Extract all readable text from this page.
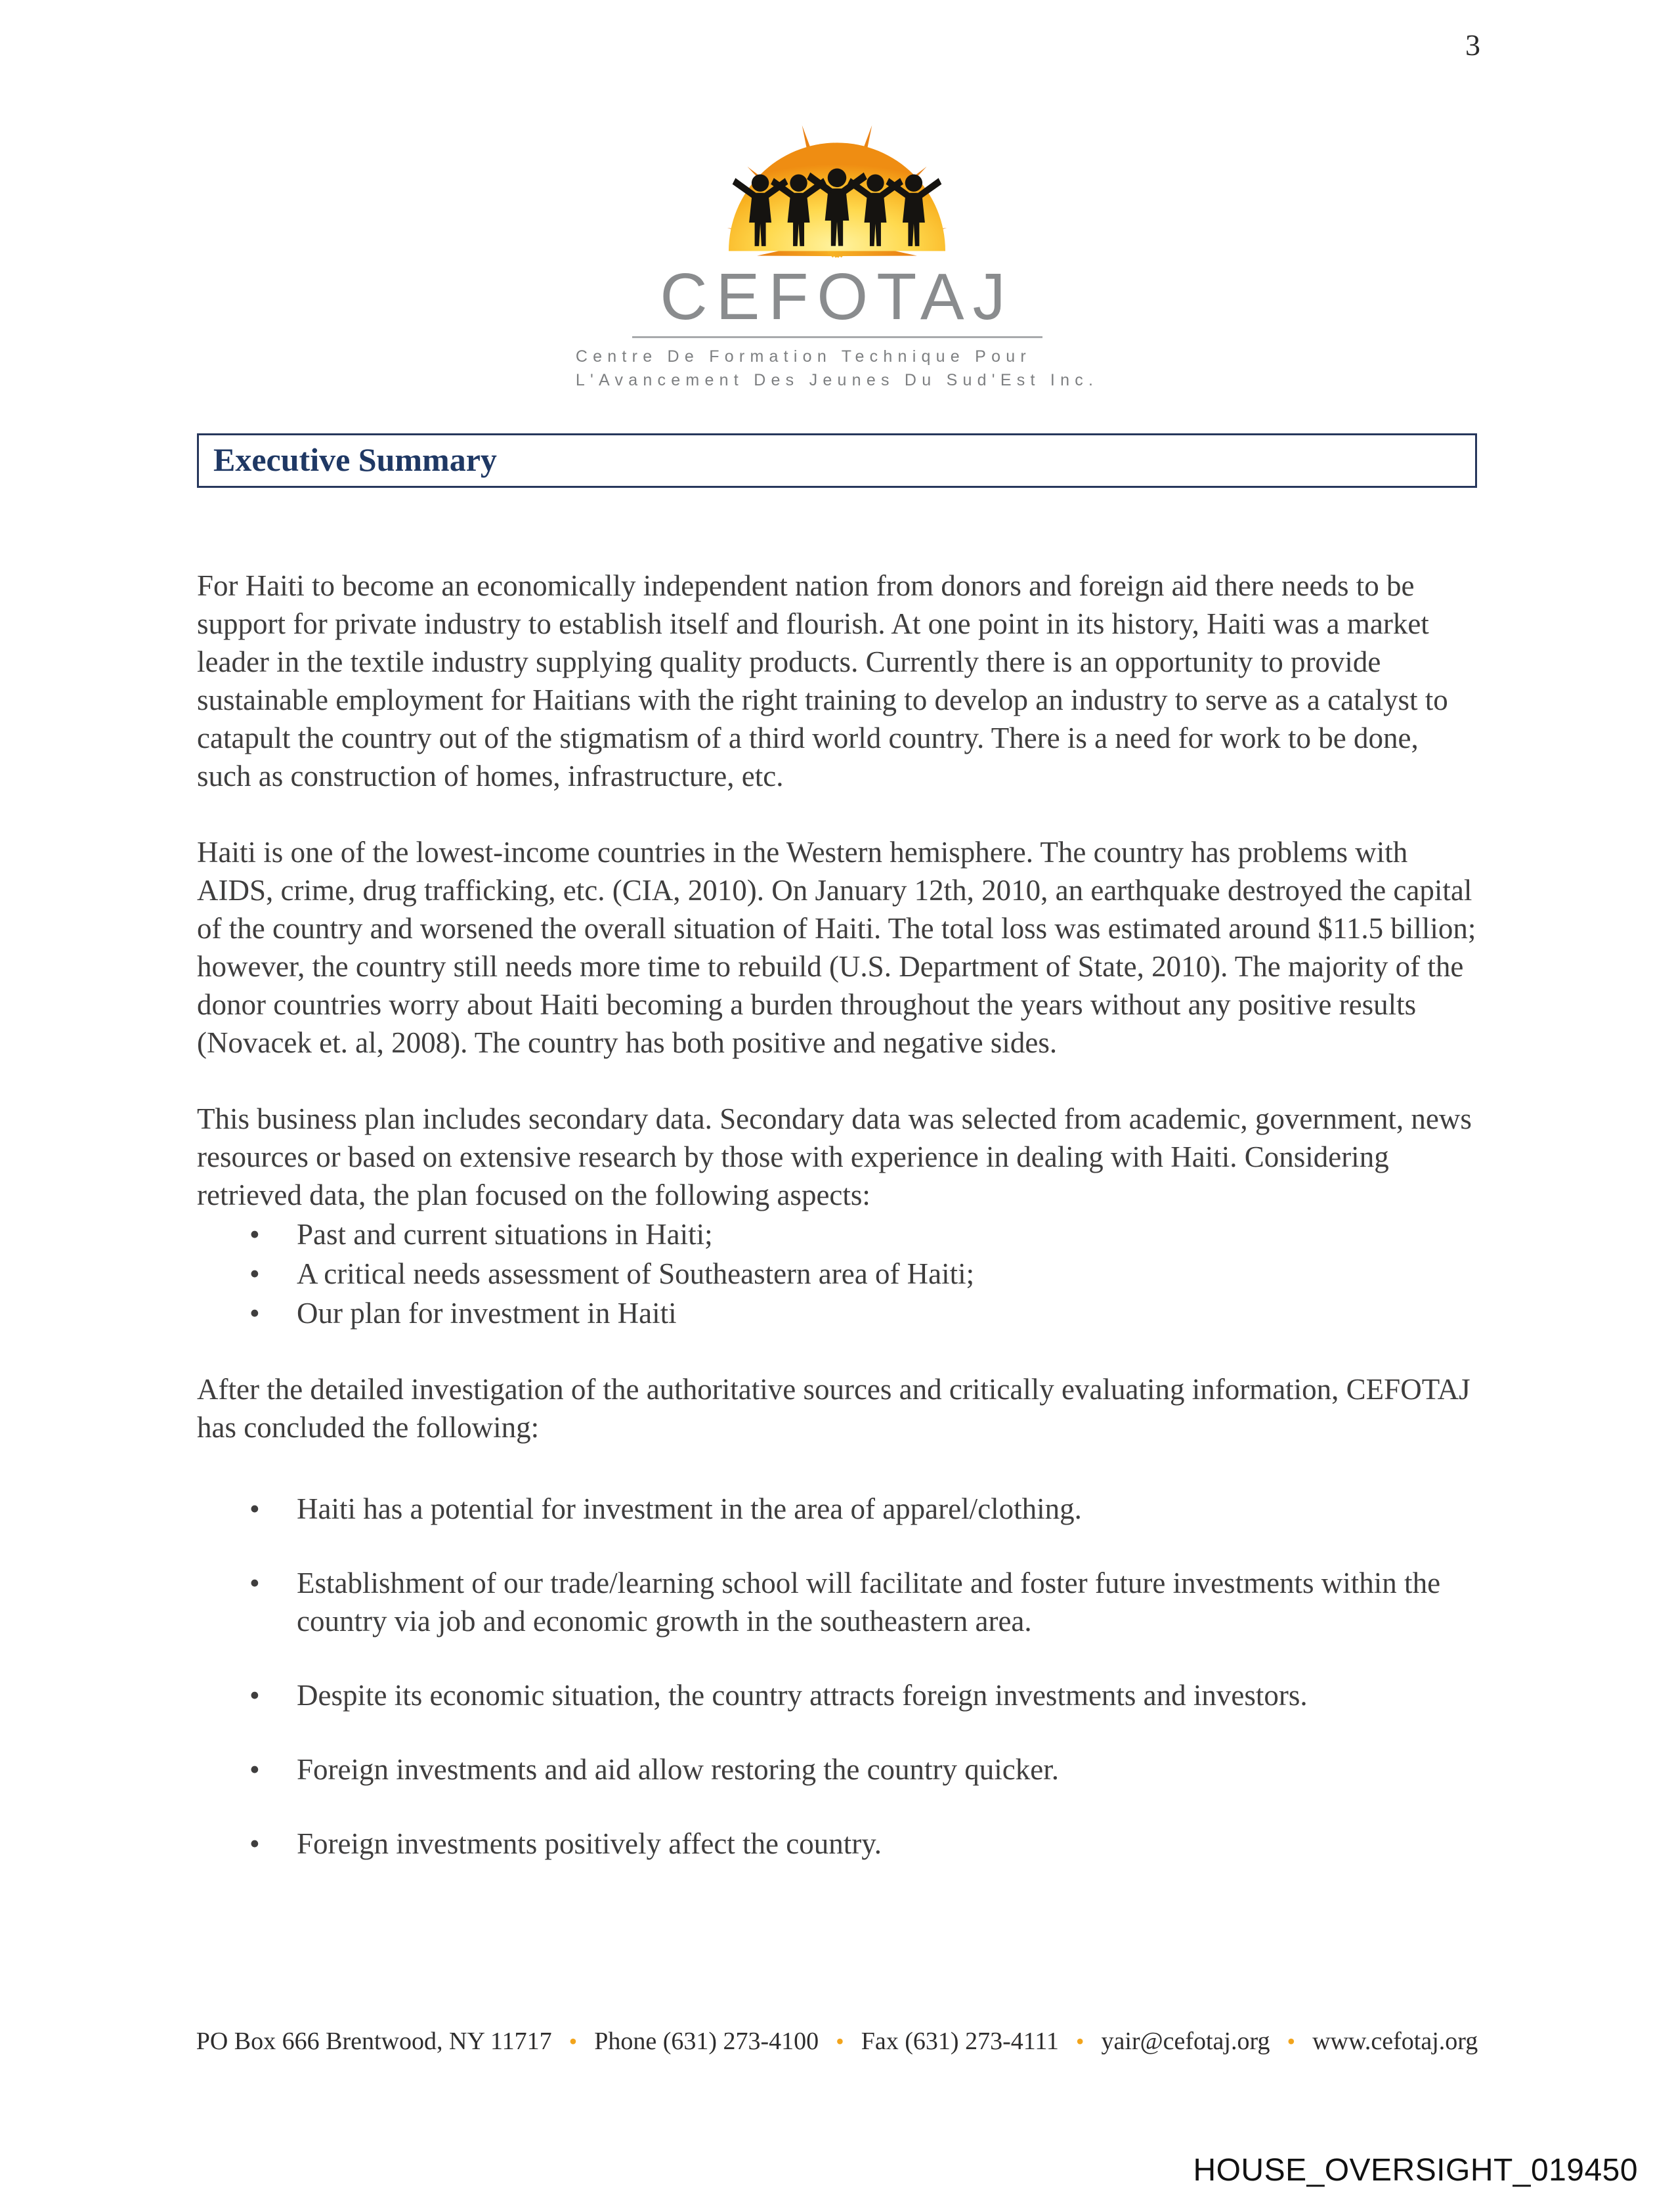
3
CEFOTAJ
Centre De Formation Technique Pour
L'Avancement Des Jeunes Du Sud'Est Inc.
Executive Summary

For Haiti to become an economically independent nation from donors and foreign aid there needs to be support for private industry to establish itself and flourish. At one point in its history, Haiti was a market leader in the textile industry supplying quality products. Currently there is an opportunity to provide sustainable employment for Haitians with the right training to develop an industry to serve as a catalyst to catapult the country out of the stigmatism of a third world country. There is a need for work to be done, such as construction of homes, infrastructure, etc.

Haiti is one of the lowest-income countries in the Western hemisphere. The country has problems with AIDS, crime, drug trafficking, etc. (CIA, 2010). On January 12th, 2010, an earthquake destroyed the capital of the country and worsened the overall situation of Haiti. The total loss was estimated around $11.5 billion; however, the country still needs more time to rebuild (U.S. Department of State, 2010). The majority of the donor countries worry about Haiti becoming a burden throughout the years without any positive results (Novacek et. al, 2008). The country has both positive and negative sides.

This business plan includes secondary data. Secondary data was selected from academic, government, news resources or based on extensive research by those with experience in dealing with Haiti. Considering retrieved data, the plan focused on the following aspects:

•	Past and current situations in Haiti;
•	A critical needs assessment of Southeastern area of Haiti;
•	Our plan for investment in Haiti

After the detailed investigation of the authoritative sources and critically evaluating information, CEFOTAJ has concluded the following:

•	Haiti has a potential for investment in the area of apparel/clothing.
•	Establishment of our trade/learning school will facilitate and foster future investments within the country via job and economic growth in the southeastern area.
•	Despite its economic situation, the country attracts foreign investments and investors.
•	Foreign investments and aid allow restoring the country quicker.
•	Foreign investments positively affect the country.
PO Box 666 Brentwood, NY 11717 • Phone (631) 273-4100 • Fax (631) 273-4111 • yair@cefotaj.org • www.cefotaj.org
HOUSE_OVERSIGHT_019450
